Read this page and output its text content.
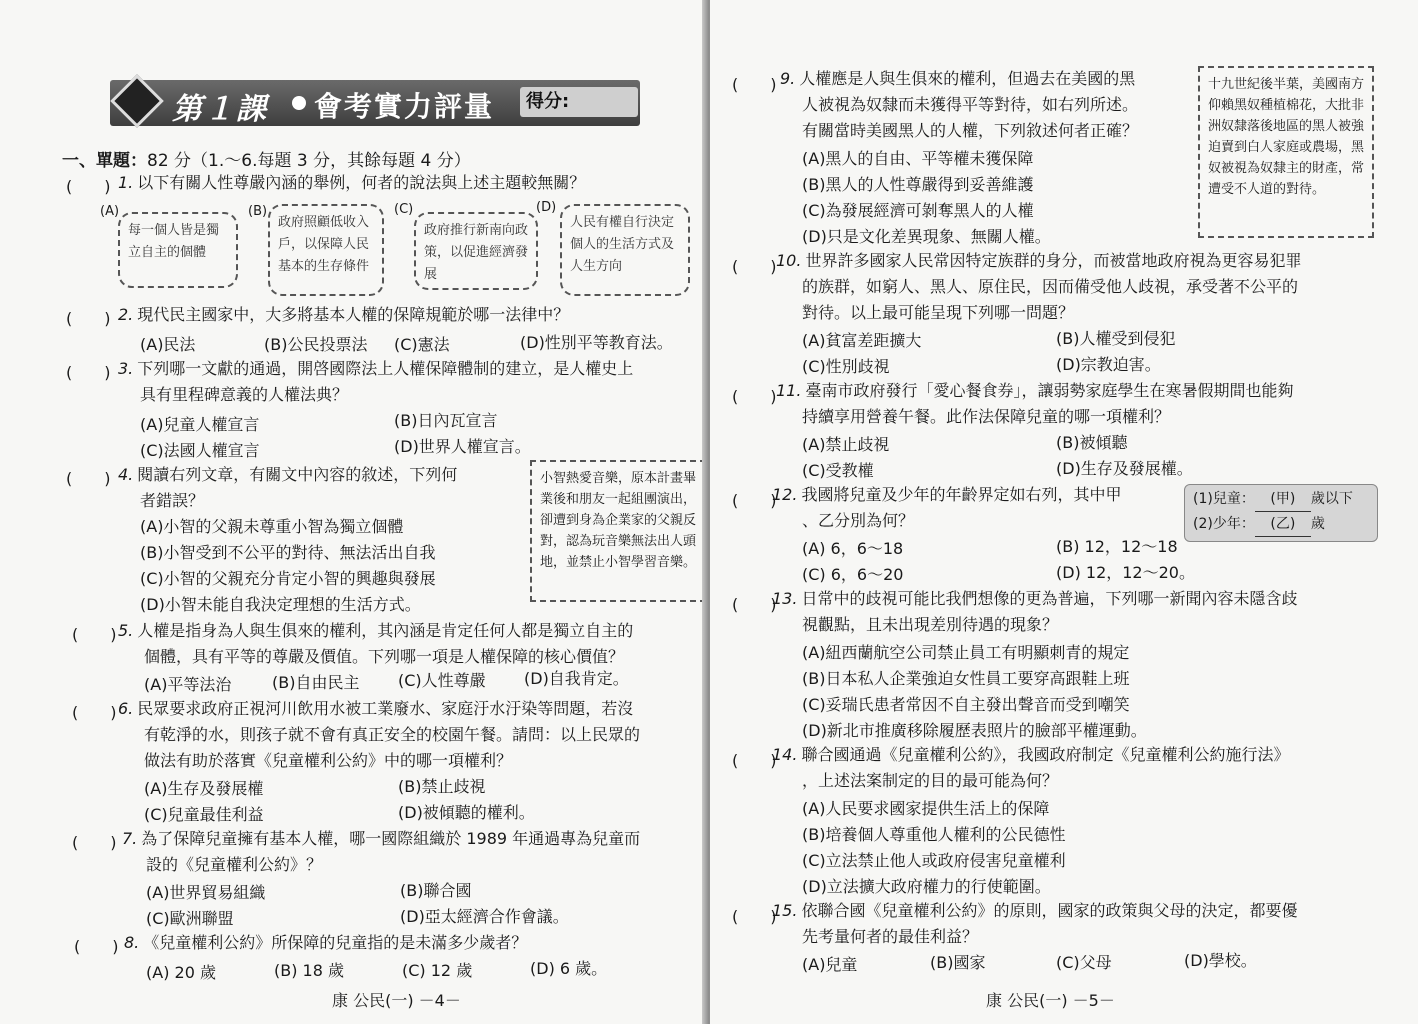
第１課 會考實力評量	得分:
一、單題：82 分（1.～6.每題 3 分，其餘每題 4 分）
(　　) 1. 以下有關人性尊嚴內涵的舉例，何者的說法與上述主題較無關？
(A)
每一個人皆是獨立自主的個體
(B)
政府照顧低收入戶，以保障人民基本的生存條件
(C)
政府推行新南向政策，以促進經濟發展
(D)
人民有權自行決定個人的生活方式及人生方向
(　　) 2. 現代民主國家中，大多將基本人權的保障規範於哪一法律中？
(A)民法	(B)公民投票法 (C)憲法	(D)性別平等教育法。
(　　) 3. 下列哪一文獻的通過，開啓國際法上人權保障體制的建立，是人權史上
具有里程碑意義的人權法典？
(A)兒童人權宣言	(B)日內瓦宣言
(C)法國人權宣言	(D)世界人權宣言。
(　　) 4. 閱讀右列文章，有關文中內容的敘述，下列何
者錯誤？
(A)小智的父親未尊重小智為獨立個體
(B)小智受到不公平的對待、無法活出自我
(C)小智的父親充分肯定小智的興趣與發展
(D)小智未能自我決定理想的生活方式。
小智熱愛音樂，原本計畫畢業後和朋友一起組團演出，卻遭到身為企業家的父親反對，認為玩音樂無法出人頭地，並禁止小智學習音樂。
(　　) 5. 人權是指身為人與生俱來的權利，其內涵是肯定任何人都是獨立自主的
個體，具有平等的尊嚴及價值。下列哪一項是人權保障的核心價值？
(A)平等法治	(B)自由民主 (C)人性尊嚴 (D)自我肯定。
(　　) 6. 民眾要求政府正視河川飲用水被工業廢水、家庭汙水汙染等問題，若沒
有乾淨的水，則孩子就不會有真正安全的校園午餐。請問：以上民眾的
做法有助於落實《兒童權利公約》中的哪一項權利？
(A)生存及發展權	(B)禁止歧視
(C)兒童最佳利益	(D)被傾聽的權利。
(　　) 7. 為了保障兒童擁有基本人權，哪一國際組織於 1989 年通過專為兒童而
設的《兒童權利公約》？
(A)世界貿易組織	(B)聯合國
(C)歐洲聯盟	(D)亞太經濟合作會議。
(　　) 8. 《兒童權利公約》所保障的兒童指的是未滿多少歲者？
(A) 20 歲	(B) 18 歲	(C) 12 歲	(D) 6 歲。
康 公民(一) －4－
(　　) 9. 人權應是人與生俱來的權利，但過去在美國的黑
人被視為奴隸而未獲得平等對待，如右列所述。
有關當時美國黑人的人權，下列敘述何者正確？
(A)黑人的自由、平等權未獲保障
(B)黑人的人性尊嚴得到妥善維護
(C)為發展經濟可剝奪黑人的人權
(D)只是文化差異現象、無關人權。
十九世紀後半葉，美國南方仰賴黑奴種植棉花，大批非洲奴隸落後地區的黑人被強迫賣到白人家庭或農場，黑奴被視為奴隸主的財產，常遭受不人道的對待。
(　　) 10. 世界許多國家人民常因特定族群的身分，而被當地政府視為更容易犯罪
的族群，如窮人、黑人、原住民，因而備受他人歧視，承受著不公平的
對待。以上最可能呈現下列哪一問題？
(A)貧富差距擴大	(B)人權受到侵犯
(C)性別歧視	(D)宗教迫害。
(　　) 11. 臺南市政府發行「愛心餐食券」，讓弱勢家庭學生在寒暑假期間也能夠
持續享用營養午餐。此作法保障兒童的哪一項權利？
(A)禁止歧視	(B)被傾聽
(C)受教權	(D)生存及發展權。
(　　)
12. 我國將兒童及少年的年齡界定如右列，其中甲
、乙分別為何？
(A) 6，6～18	(B) 12，12～18
(C) 6，6～20	(D) 12，12～20。
(1)兒童： (甲) 歲以下
(2)少年： (乙) 歲
(　　)
13. 日常中的歧視可能比我們想像的更為普遍，下列哪一新聞內容未隱含歧
視觀點，且未出現差別待遇的現象？
(A)紐西蘭航空公司禁止員工有明顯刺青的規定
(B)日本私人企業強迫女性員工要穿高跟鞋上班
(C)妥瑞氏患者常因不自主發出聲音而受到嘲笑
(D)新北市推廣移除履歷表照片的臉部平權運動。
(　　)
14. 聯合國通過《兒童權利公約》，我國政府制定《兒童權利公約施行法》
，上述法案制定的目的最可能為何？
(A)人民要求國家提供生活上的保障
(B)培養個人尊重他人權利的公民德性
(C)立法禁止他人或政府侵害兒童權利
(D)立法擴大政府權力的行使範圍。
(　　)
15. 依聯合國《兒童權利公約》的原則，國家的政策與父母的決定，都要優
先考量何者的最佳利益？
(A)兒童	(B)國家	(C)父母	(D)學校。
康 公民(一) －5－
